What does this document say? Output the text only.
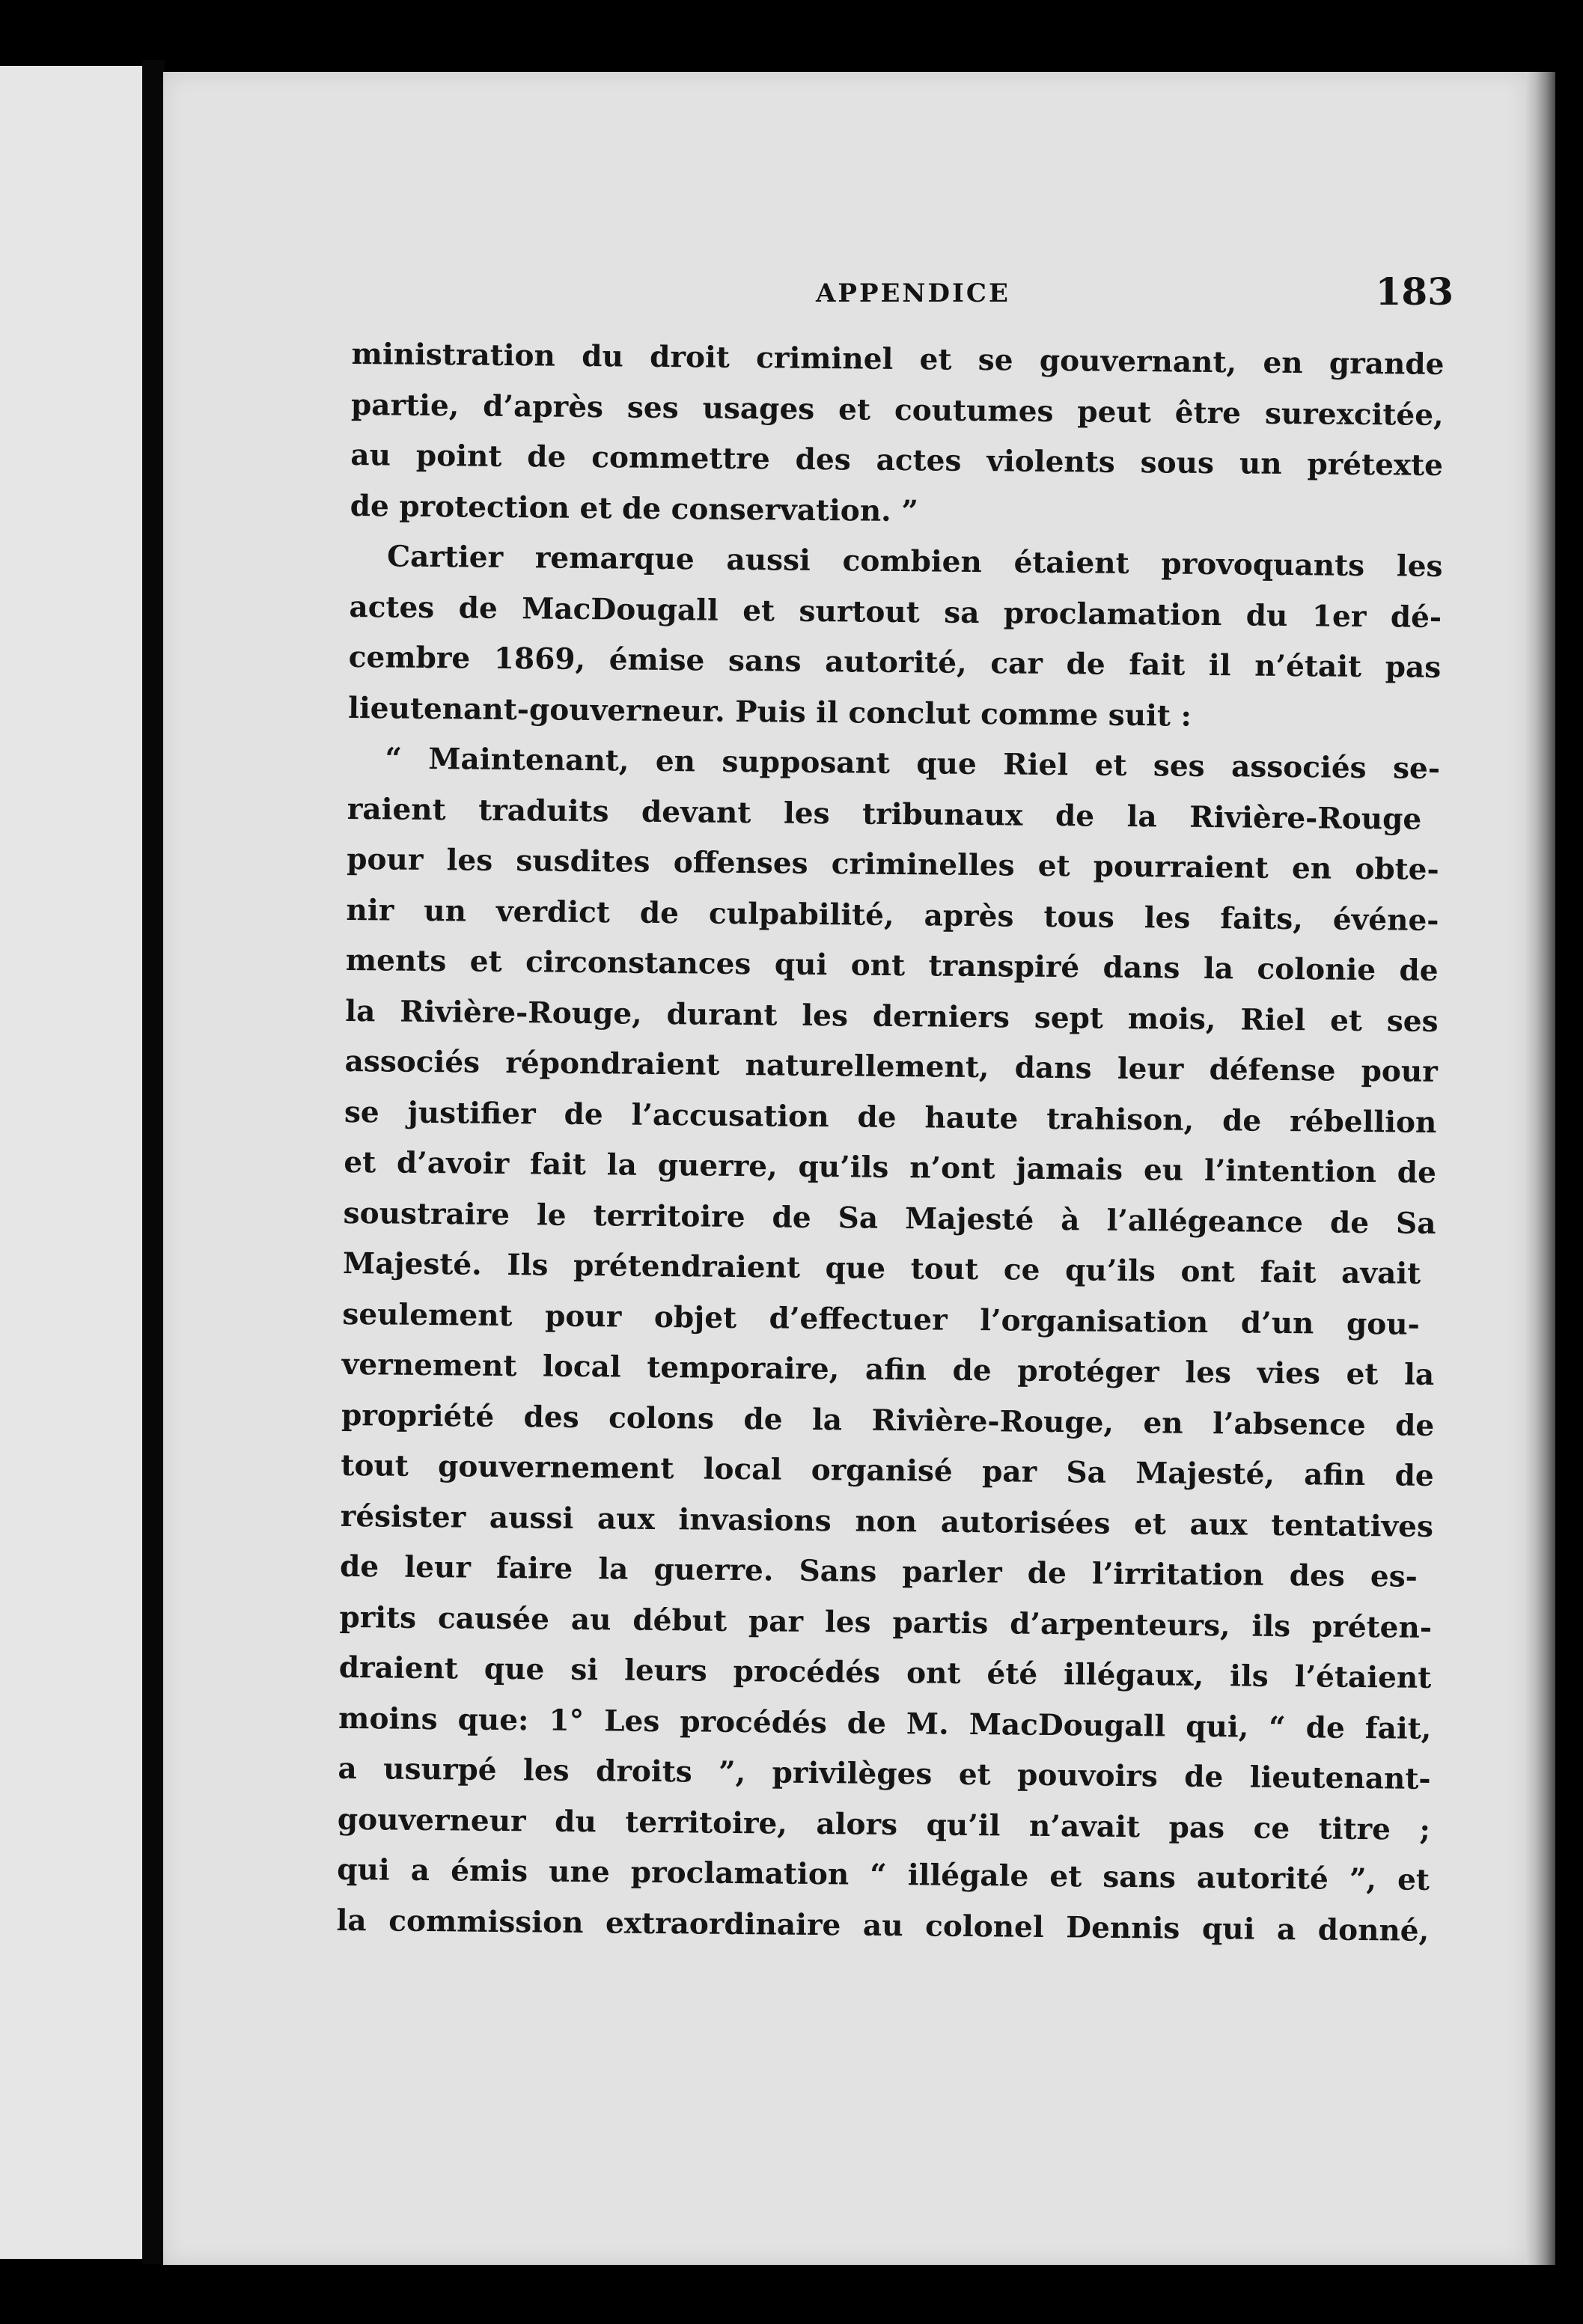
APPENDICE	183
ministration du droit criminel et se gouvernant, en grande
partie, d’après ses usages et coutumes peut être surexcitée,
au point de commettre des actes violents sous un prétexte
de protection et de conservation. ”
Cartier remarque aussi combien étaient provoquants les
actes de MacDougall et surtout sa proclamation du 1er dé-
cembre 1869, émise sans autorité, car de fait il n’était pas
lieutenant-gouverneur. Puis il conclut comme suit :
“ Maintenant, en supposant que Riel et ses associés se-
raient traduits devant les tribunaux de la Rivière-Rouge
pour les susdites offenses criminelles et pourraient en obte-
nir un verdict de culpabilité, après tous les faits, événe-
ments et circonstances qui ont transpiré dans la colonie de
la Rivière-Rouge, durant les derniers sept mois, Riel et ses
associés répondraient naturellement, dans leur défense pour
se justifier de l’accusation de haute trahison, de rébellion
et d’avoir fait la guerre, qu’ils n’ont jamais eu l’intention de
soustraire le territoire de Sa Majesté à l’allégeance de Sa
Majesté. Ils prétendraient que tout ce qu’ils ont fait avait
seulement pour objet d’effectuer l’organisation d’un gou-
vernement local temporaire, afin de protéger les vies et la
propriété des colons de la Rivière-Rouge, en l’absence de
tout gouvernement local organisé par Sa Majesté, afin de
résister aussi aux invasions non autorisées et aux tentatives
de leur faire la guerre. Sans parler de l’irritation des es-
prits causée au début par les partis d’arpenteurs, ils préten-
draient que si leurs procédés ont été illégaux, ils l’étaient
moins que: 1° Les procédés de M. MacDougall qui, “ de fait,
a usurpé les droits ”, privilèges et pouvoirs de lieutenant-
gouverneur du territoire, alors qu’il n’avait pas ce titre ;
qui a émis une proclamation “ illégale et sans autorité ”, et
la commission extraordinaire au colonel Dennis qui a donné,
